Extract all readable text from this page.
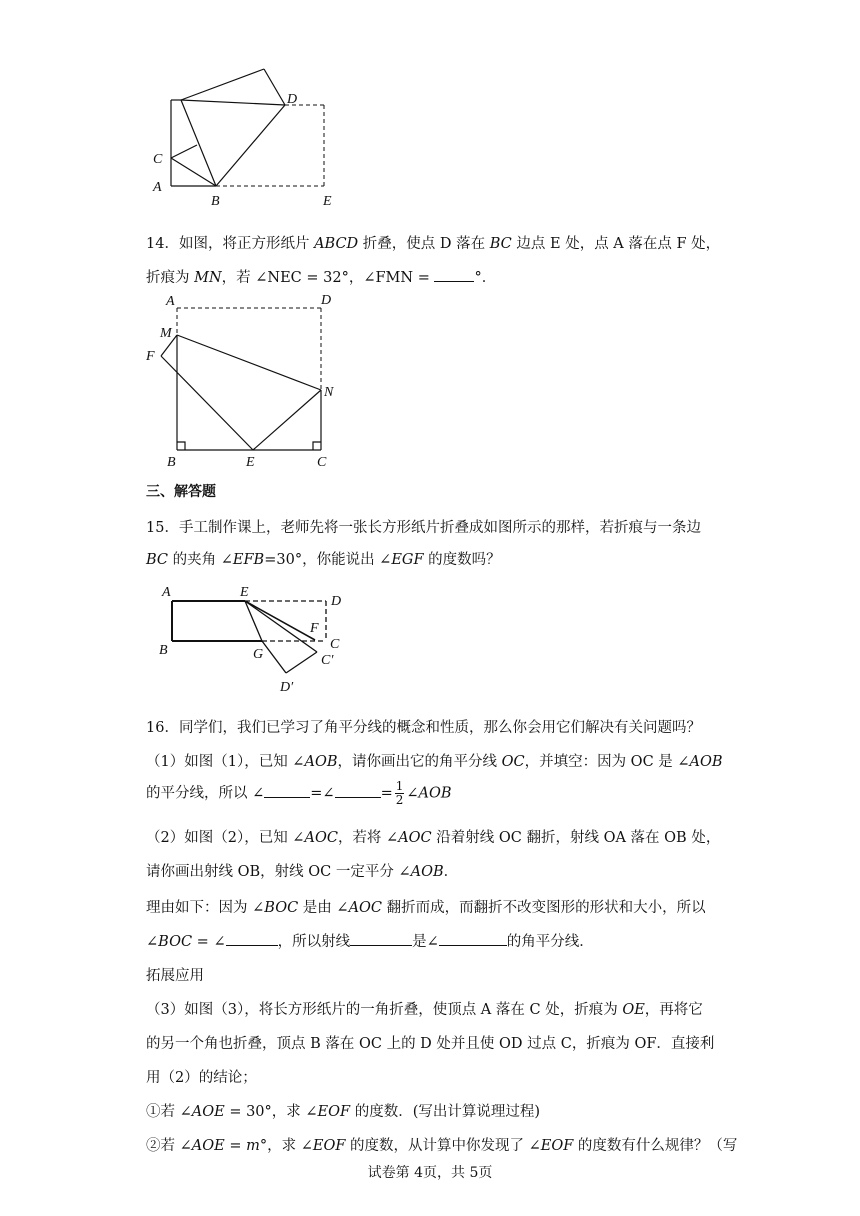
C
A
B
D
E
14．如图，将正方形纸片 ABCD 折叠，使点 D 落在 BC 边点 E 处，点 A 落在点 F 处，
折痕为 MN，若 ∠NEC = 32°，∠FMN =	°．
A	D
M
F
N
B	E	C
三、解答题
15．手工制作课上，老师先将一张长方形纸片折叠成如图所示的那样，若折痕与一条边
BC 的夹角 ∠EFB=30°，你能说出 ∠EGF 的度数吗？
A	E
D
B
F
C
G	C′
D′
16．同学们，我们已学习了角平分线的概念和性质，那么你会用它们解决有关问题吗？
（1）如图（1），已知 ∠AOB，请你画出它的角平分线 OC，并填空：因为 OC 是 ∠AOB
的平分线，所以 ∠	=∠	= $\frac{1}{2}$ ∠AOB
（2）如图（2），已知 ∠AOC，若将 ∠AOC 沿着射线 OC 翻折，射线 OA 落在 OB 处，
请你画出射线 OB，射线 OC 一定平分 ∠AOB．
理由如下：因为 ∠BOC 是由 ∠AOC 翻折而成，而翻折不改变图形的形状和大小，所以
∠BOC = ∠	，所以射线	是∠	的角平分线．
拓展应用
（3）如图（3），将长方形纸片的一角折叠，使顶点 A 落在 C 处，折痕为 OE，再将它
的另一个角也折叠，顶点 B 落在 OC 上的 D 处并且使 OD 过点 C，折痕为 OF．直接利
用（2）的结论；
①若 ∠AOE = 30°，求 ∠EOF 的度数．(写出计算说理过程)
②若 ∠AOE = m°，求 ∠EOF 的度数，从计算中你发现了 ∠EOF 的度数有什么规律？（写
试卷第 4页，共 5页
